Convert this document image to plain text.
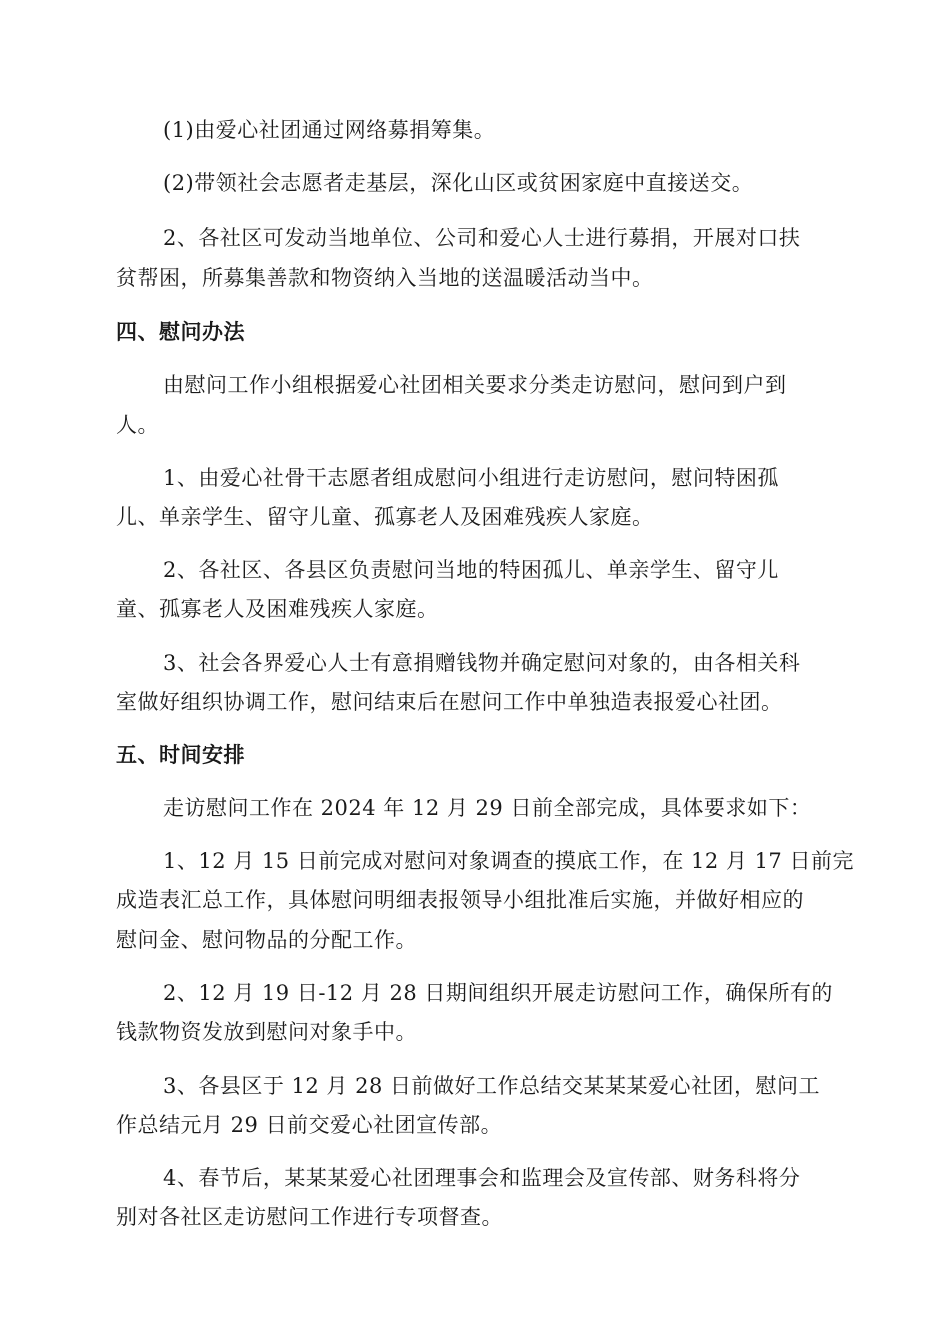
(1)由爱心社团通过网络募捐筹集。
(2)带领社会志愿者走基层，深化山区或贫困家庭中直接送交。
2、各社区可发动当地单位、公司和爱心人士进行募捐，开展对口扶
贫帮困，所募集善款和物资纳入当地的送温暖活动当中。
四、慰问办法
由慰问工作小组根据爱心社团相关要求分类走访慰问，慰问到户到
人。
1、由爱心社骨干志愿者组成慰问小组进行走访慰问，慰问特困孤
儿、单亲学生、留守儿童、孤寡老人及困难残疾人家庭。
2、各社区、各县区负责慰问当地的特困孤儿、单亲学生、留守儿
童、孤寡老人及困难残疾人家庭。
3、社会各界爱心人士有意捐赠钱物并确定慰问对象的，由各相关科
室做好组织协调工作，慰问结束后在慰问工作中单独造表报爱心社团。
五、时间安排
走访慰问工作在 2024 年 12 月 29 日前全部完成，具体要求如下：
1、12 月 15 日前完成对慰问对象调查的摸底工作，在 12 月 17 日前完
成造表汇总工作，具体慰问明细表报领导小组批准后实施，并做好相应的
慰问金、慰问物品的分配工作。
2、12 月 19 日-12 月 28 日期间组织开展走访慰问工作，确保所有的
钱款物资发放到慰问对象手中。
3、各县区于 12 月 28 日前做好工作总结交某某某爱心社团，慰问工
作总结元月 29 日前交爱心社团宣传部。
4、春节后，某某某爱心社团理事会和监理会及宣传部、财务科将分
别对各社区走访慰问工作进行专项督查。
